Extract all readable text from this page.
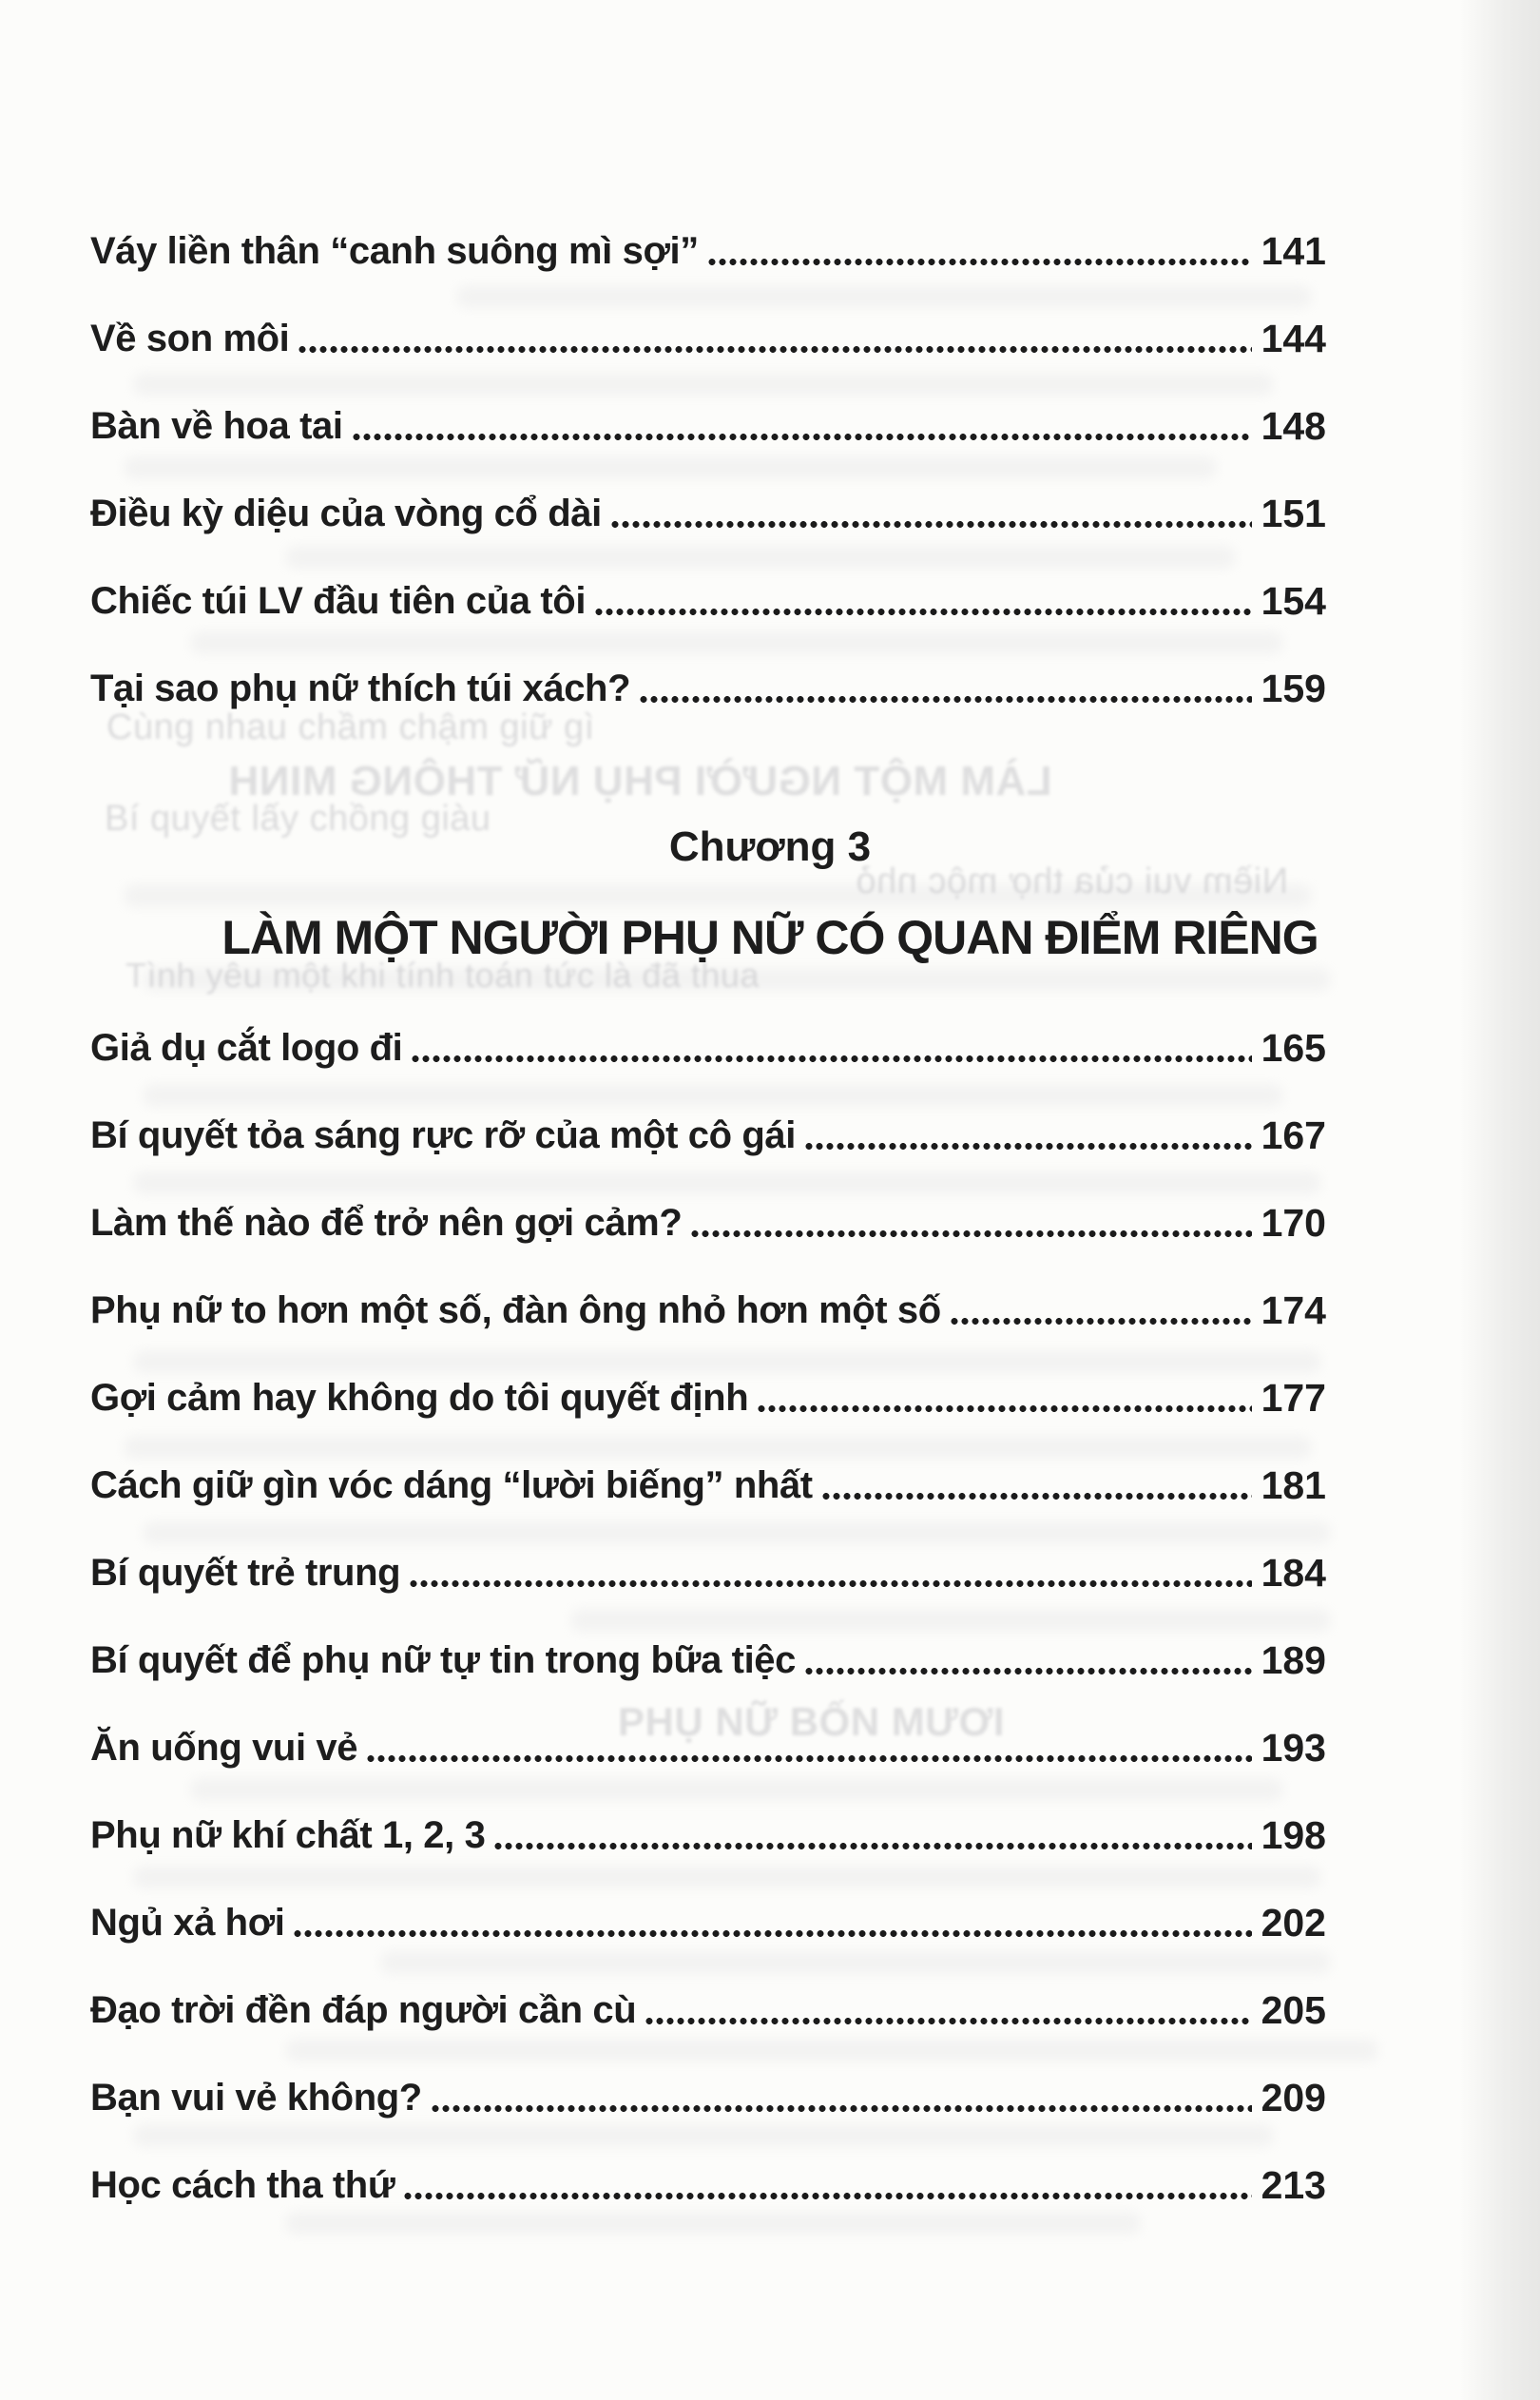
Cùng nhau chầm chậm giữ gì
LÀM MỘT NGƯỜI PHỤ NỮ THÔNG MINH
Bí quyết lấy chồng giàu
Niềm vui của thợ mộc nhỏ
Tình yêu một khi tính toán tức là đã thua
PHỤ NỮ BỐN MƯƠI
Váy liền thân “canh suông mì sợi”	141
Về son môi	144
Bàn về hoa tai	148
Điều kỳ diệu của vòng cổ dài	151
Chiếc túi LV đầu tiên của tôi	154
Tại sao phụ nữ thích túi xách?	159
Chương 3
LÀM MỘT NGƯỜI PHỤ NỮ CÓ QUAN ĐIỂM RIÊNG
Giả dụ cắt logo đi	165
Bí quyết tỏa sáng rực rỡ của một cô gái	167
Làm thế nào để trở nên gợi cảm?	170
Phụ nữ to hơn một số, đàn ông nhỏ hơn một số	174
Gợi cảm hay không do tôi quyết định	177
Cách giữ gìn vóc dáng “lười biếng” nhất	181
Bí quyết trẻ trung	184
Bí quyết để phụ nữ tự tin trong bữa tiệc	189
Ăn uống vui vẻ	193
Phụ nữ khí chất 1, 2, 3	198
Ngủ xả hơi	202
Đạo trời đền đáp người cần cù	205
Bạn vui vẻ không?	209
Học cách tha thứ	213
